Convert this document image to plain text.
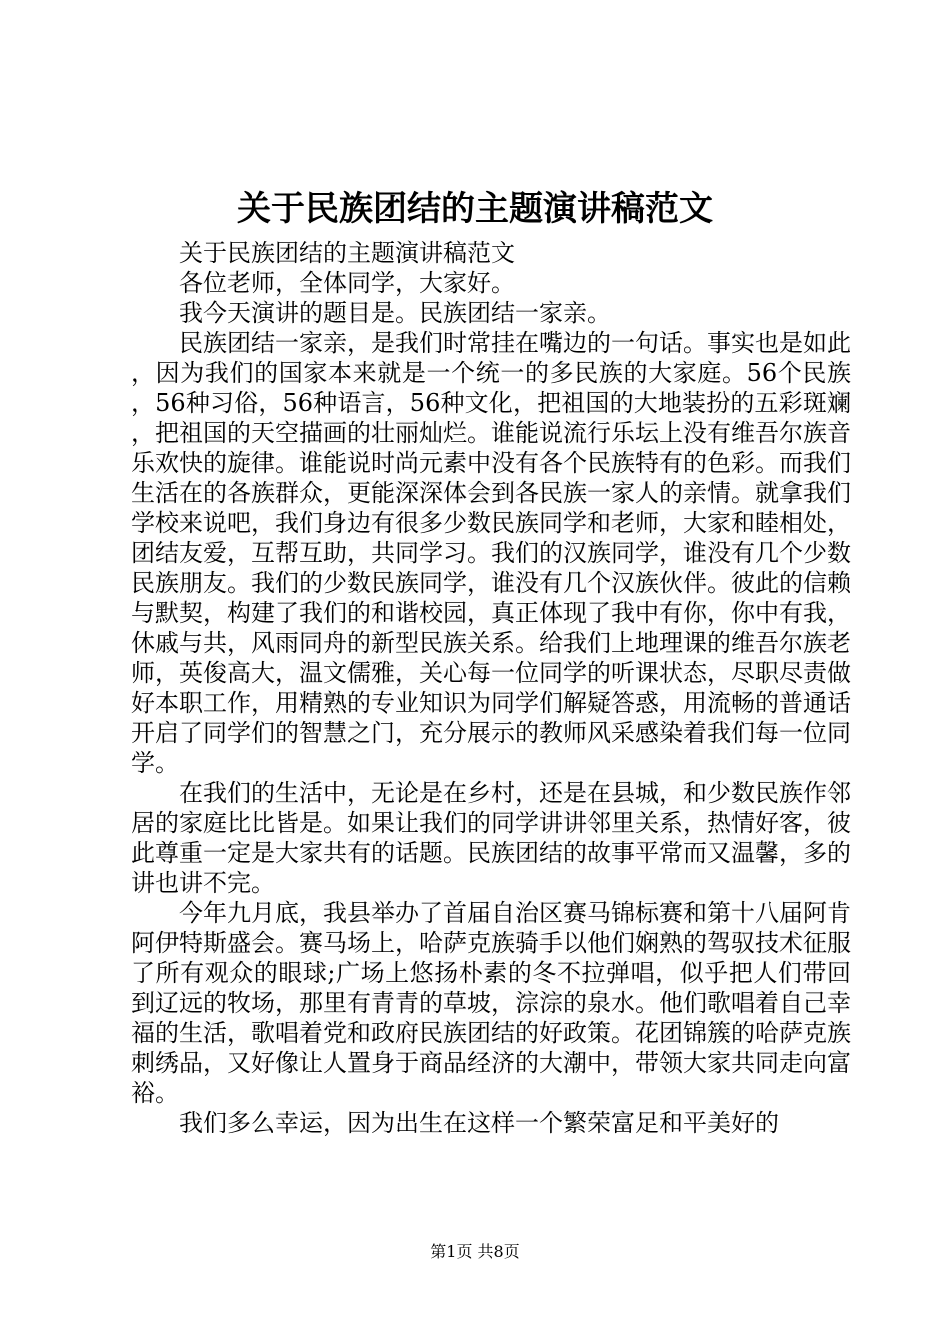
关于民族团结的主题演讲稿范文

关于民族团结的主题演讲稿范文

各位老师，全体同学，大家好。

我今天演讲的题目是。民族团结一家亲。

民族团结一家亲，是我们时常挂在嘴边的一句话。事实也是如此，因为我们的国家本来就是一个统一的多民族的大家庭。56个民族，56种习俗，56种语言，56种文化，把祖国的大地装扮的五彩斑斓，把祖国的天空描画的壮丽灿烂。谁能说流行乐坛上没有维吾尔族音乐欢快的旋律。谁能说时尚元素中没有各个民族特有的色彩。而我们生活在的各族群众，更能深深体会到各民族一家人的亲情。就拿我们学校来说吧，我们身边有很多少数民族同学和老师，大家和睦相处，团结友爱，互帮互助，共同学习。我们的汉族同学，谁没有几个少数民族朋友。我们的少数民族同学，谁没有几个汉族伙伴。彼此的信赖与默契，构建了我们的和谐校园，真正体现了我中有你，你中有我，休戚与共，风雨同舟的新型民族关系。给我们上地理课的维吾尔族老师，英俊高大，温文儒雅，关心每一位同学的听课状态，尽职尽责做好本职工作，用精熟的专业知识为同学们解疑答惑，用流畅的普通话开启了同学们的智慧之门，充分展示的教师风采感染着我们每一位同学。

在我们的生活中，无论是在乡村，还是在县城，和少数民族作邻居的家庭比比皆是。如果让我们的同学讲讲邻里关系，热情好客，彼此尊重一定是大家共有的话题。民族团结的故事平常而又温馨，多的讲也讲不完。

今年九月底，我县举办了首届自治区赛马锦标赛和第十八届阿肯阿伊特斯盛会。赛马场上，哈萨克族骑手以他们娴熟的驾驭技术征服了所有观众的眼球;广场上悠扬朴素的冬不拉弹唱，似乎把人们带回到辽远的牧场，那里有青青的草坡，淙淙的泉水。他们歌唱着自己幸福的生活，歌唱着党和政府民族团结的好政策。花团锦簇的哈萨克族刺绣品，又好像让人置身于商品经济的大潮中，带领大家共同走向富裕。

我们多么幸运，因为出生在这样一个繁荣富足和平美好的

第1页 共8页
